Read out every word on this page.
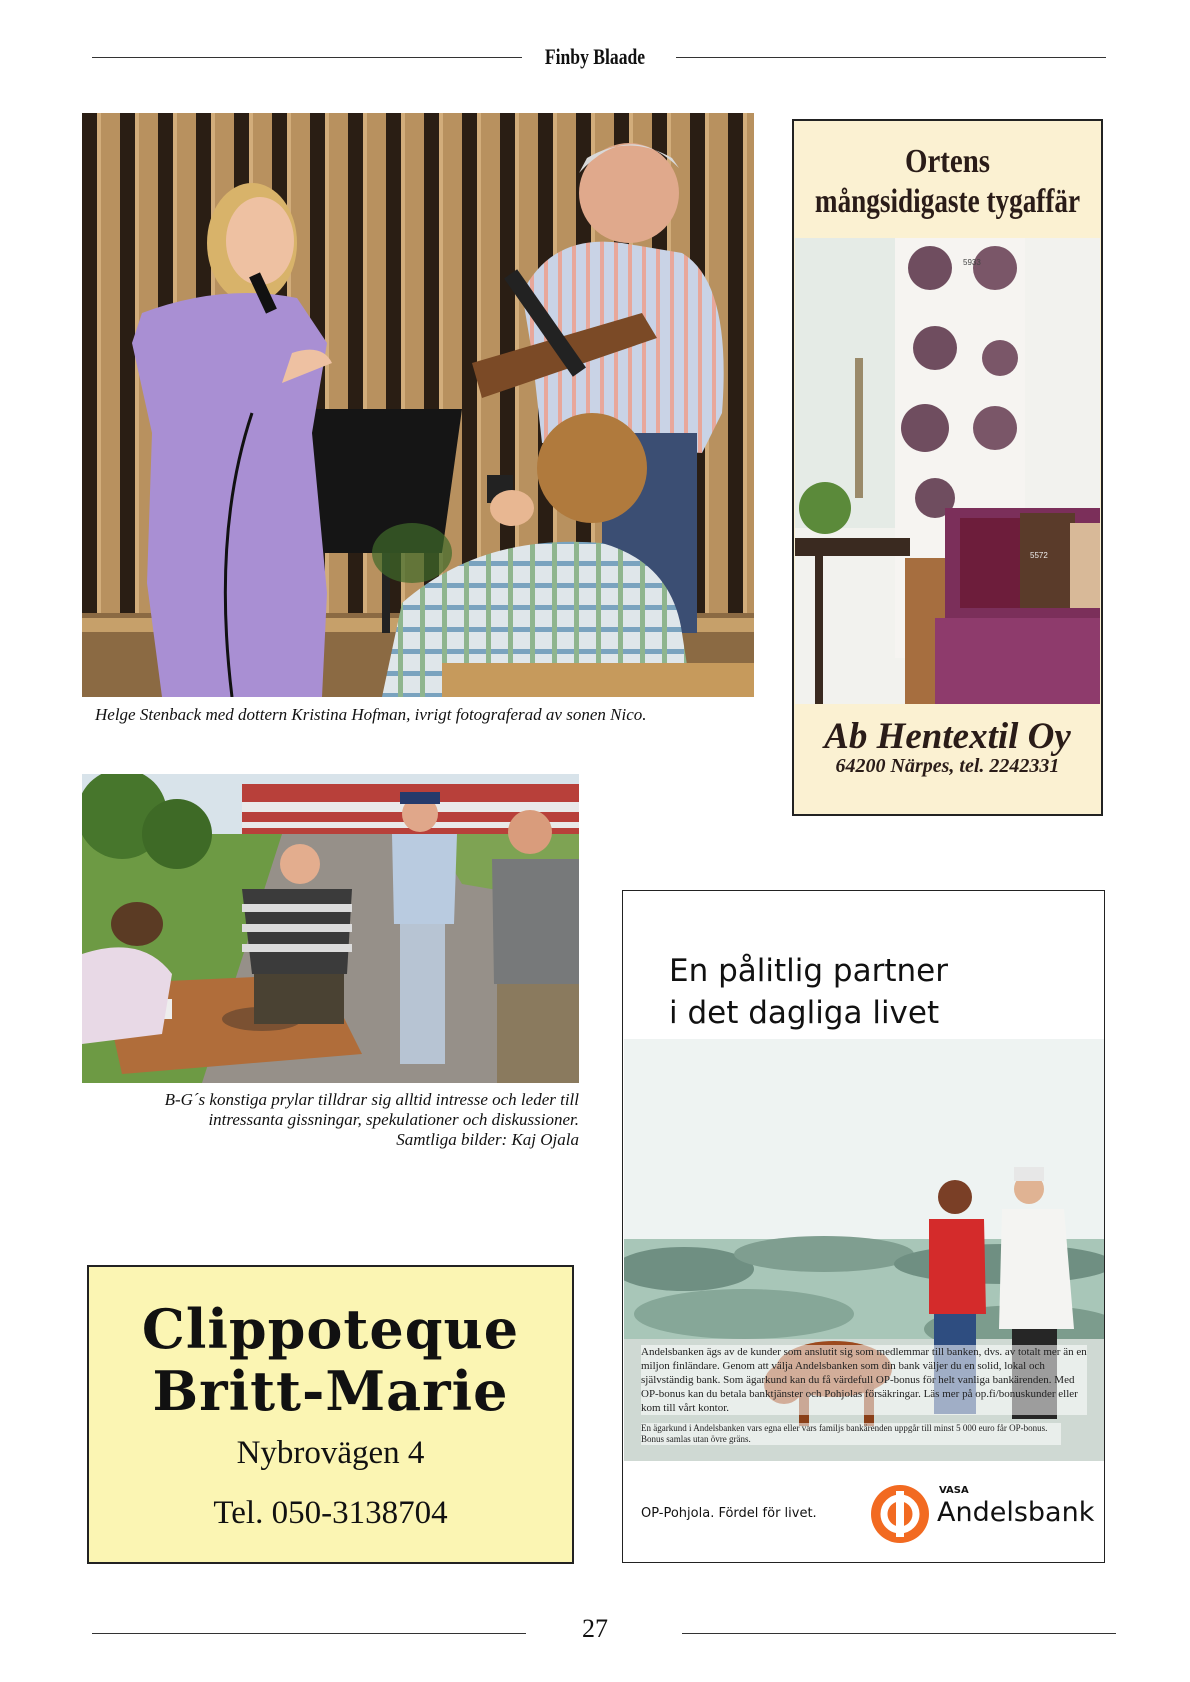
Finby Blaade
Helge Stenback med dottern Kristina Hofman, ivrigt fotograferad av sonen Nico.
B-G´s konstiga prylar tilldrar sig alltid intresse och leder till
intressanta gissningar, spekulationer och diskussioner.
Samtliga bilder: Kaj Ojala
Ortens
mångsidigaste tygaffär
5933
5572
Ab Hentextil Oy
64200 Närpes, tel. 2242331
En pålitlig partner
i det dagliga livet
Andelsbanken ägs av de kunder som anslutit sig som medlemmar till banken, dvs. av totalt mer än en miljon finländare. Genom att välja Andelsbanken som din bank väljer du en solid, lokal och självständig bank. Som ägarkund kan du få värdefull OP-bonus för helt vanliga bankärenden. Med OP-bonus kan du betala banktjänster och Pohjolas försäkringar. Läs mer på op.fi/bonuskunder eller kom till vårt kontor.
En ägarkund i Andelsbanken vars egna eller vars familjs bankärenden uppgår till minst 5 000 euro får OP-bonus. Bonus samlas utan övre gräns.
OP-Pohjola. Fördel för livet.
VASA
Andelsbank
Clippoteque
Britt-Marie
Nybrovägen 4
Tel. 050-3138704
27
